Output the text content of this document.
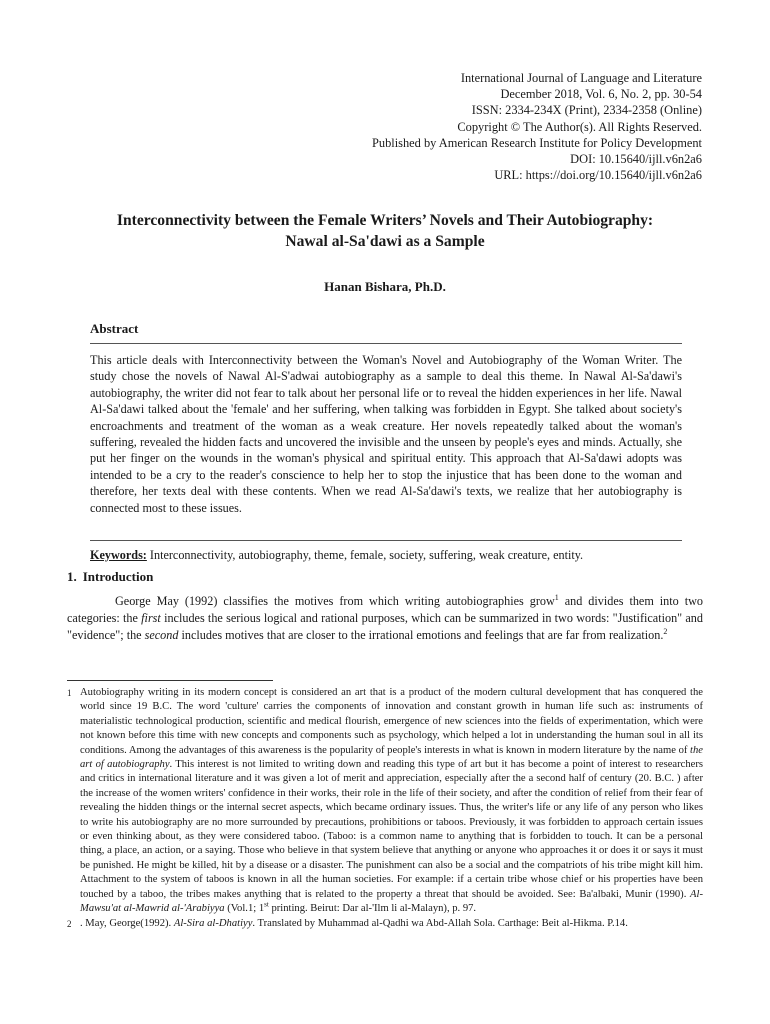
International Journal of Language and Literature
December 2018, Vol. 6, No. 2, pp. 30-54
ISSN: 2334-234X (Print), 2334-2358 (Online)
Copyright © The Author(s). All Rights Reserved.
Published by American Research Institute for Policy Development
DOI: 10.15640/ijll.v6n2a6
URL: https://doi.org/10.15640/ijll.v6n2a6
Interconnectivity between the Female Writers’ Novels and Their Autobiography:
Nawal al-Sa'dawi as a Sample
Hanan Bishara, Ph.D.
Abstract
This article deals with Interconnectivity between the Woman's Novel and Autobiography of the Woman Writer. The study chose the novels of Nawal Al-S'adwai autobiography as a sample to deal this theme. In Nawal Al-Sa'dawi's autobiography, the writer did not fear to talk about her personal life or to reveal the hidden experiences in her life. Nawal Al-Sa'dawi talked about the 'female' and her suffering, when talking was forbidden in Egypt. She talked about society's encroachments and treatment of the woman as a weak creature. Her novels repeatedly talked about the woman's suffering, revealed the hidden facts and uncovered the invisible and the unseen by people's eyes and minds. Actually, she put her finger on the wounds in the woman's physical and spiritual entity. This approach that Al-Sa'dawi adopts was intended to be a cry to the reader's conscience to help her to stop the injustice that has been done to the woman and therefore, her texts deal with these contents. When we read Al-Sa'dawi's texts, we realize that her autobiography is connected most to these issues.
Keywords: Interconnectivity, autobiography, theme, female, society, suffering, weak creature, entity.
1. Introduction
George May (1992) classifies the motives from which writing autobiographies grow$^1$ and divides them into two categories: the first includes the serious logical and rational purposes, which can be summarized in two words: "Justification" and "evidence"; the second includes motives that are closer to the irrational emotions and feelings that are far from realization.$^2$
1 Autobiography writing in its modern concept is considered an art that is a product of the modern cultural development that has conquered the world since 19 B.C. The word 'culture' carries the components of innovation and constant growth in human life such as: instruments of materialistic technological production, scientific and medical flourish, emergence of new sciences into the fields of experimentation, which were not known before this time with new concepts and components such as psychology, which helped a lot in understanding the human soul in all its conditions. Among the advantages of this awareness is the popularity of people's interests in what is known in modern literature by the name of the art of autobiography. This interest is not limited to writing down and reading this type of art but it has become a point of interest to researchers and critics in international literature and it was given a lot of merit and appreciation, especially after the a second half of century (20. B.C. ) after the increase of the women writers' confidence in their works, their role in the life of their society, and after the condition of relief from their fear of revealing the hidden things or the internal secret aspects, which became ordinary issues. Thus, the writer's life or any life of any person who likes to write his autobiography are no more surrounded by precautions, prohibitions or taboos. Previously, it was forbidden to approach certain issues or even thinking about, as they were considered taboo. (Taboo: is a common name to anything that is forbidden to touch. It can be a personal thing, a place, an action, or a saying. Those who believe in that system believe that anything or anyone who approaches it or does it or says it must be punished. He might be killed, hit by a disease or a disaster. The punishment can also be a social and the compatriots of his tribe might kill him. Attachment to the system of taboos is known in all the human societies. For example: if a certain tribe whose chief or his properties have been touched by a taboo, the tribes makes anything that is related to the property a threat that should be avoided. See: Ba'albaki, Munir (1990). Al-Mawsu'at al-Mawrid al-'Arabiyya (Vol.1; 1st printing. Beirut: Dar al-'Ilm li al-Malayn), p. 97.
2 . May, George(1992). Al-Sira al-Dhatiyy. Translated by Muhammad al-Qadhi wa Abd-Allah Sola. Carthage: Beit al-Hikma. P.14.
